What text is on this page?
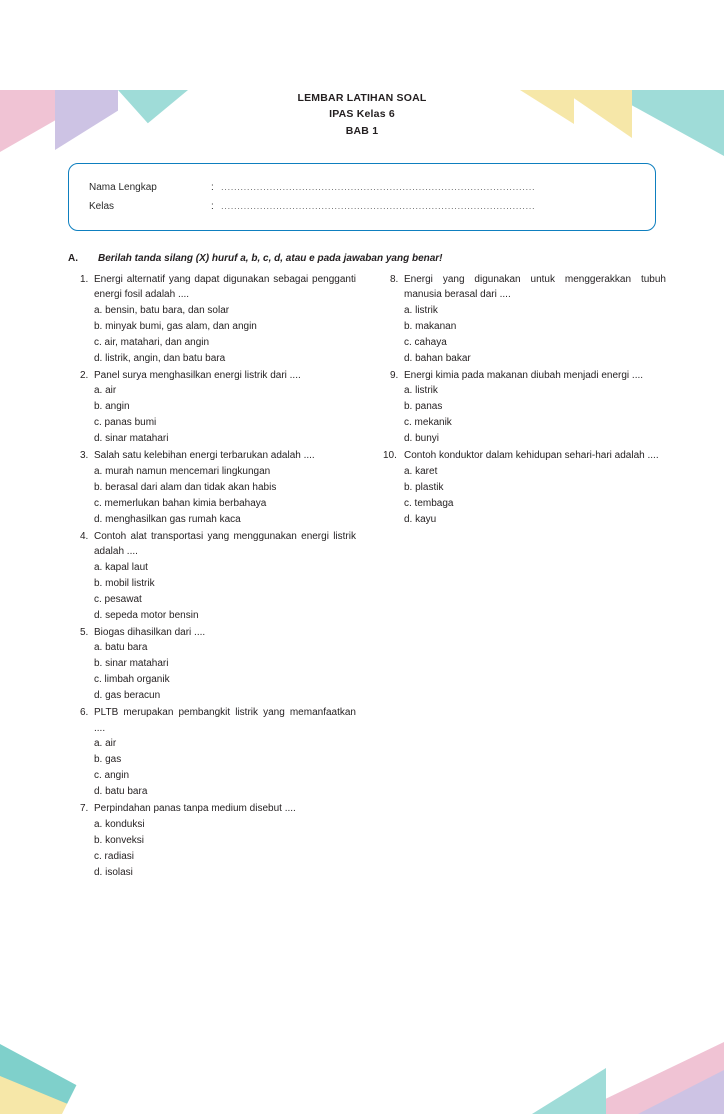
LEMBAR LATIHAN SOAL
IPAS Kelas 6
BAB 1
Nama Lengkap	: .................................................................................................
Kelas	: .................................................................................................
A.	Berilah tanda silang (X) huruf a, b, c, d, atau e pada jawaban yang benar!
1. Energi alternatif yang dapat digunakan sebagai pengganti energi fosil adalah ....
a. bensin, batu bara, dan solar
b. minyak bumi, gas alam, dan angin
c. air, matahari, dan angin
d. listrik, angin, dan batu bara
2. Panel surya menghasilkan energi listrik dari ....
a. air
b. angin
c. panas bumi
d. sinar matahari
3. Salah satu kelebihan energi terbarukan adalah ....
a. murah namun mencemari lingkungan
b. berasal dari alam dan tidak akan habis
c. memerlukan bahan kimia berbahaya
d. menghasilkan gas rumah kaca
4. Contoh alat transportasi yang menggunakan energi listrik adalah ....
a. kapal laut
b. mobil listrik
c. pesawat
d. sepeda motor bensin
5. Biogas dihasilkan dari ....
a. batu bara
b. sinar matahari
c. limbah organik
d. gas beracun
6. PLTB merupakan pembangkit listrik yang memanfaatkan ....
a. air
b. gas
c. angin
d. batu bara
7. Perpindahan panas tanpa medium disebut ....
a. konduksi
b. konveksi
c. radiasi
d. isolasi
8. Energi yang digunakan untuk menggerakkan tubuh manusia berasal dari ....
a. listrik
b. makanan
c. cahaya
d. bahan bakar
9. Energi kimia pada makanan diubah menjadi energi ....
a. listrik
b. panas
c. mekanik
d. bunyi
10. Contoh konduktor dalam kehidupan sehari-hari adalah ....
a. karet
b. plastik
c. tembaga
d. kayu
